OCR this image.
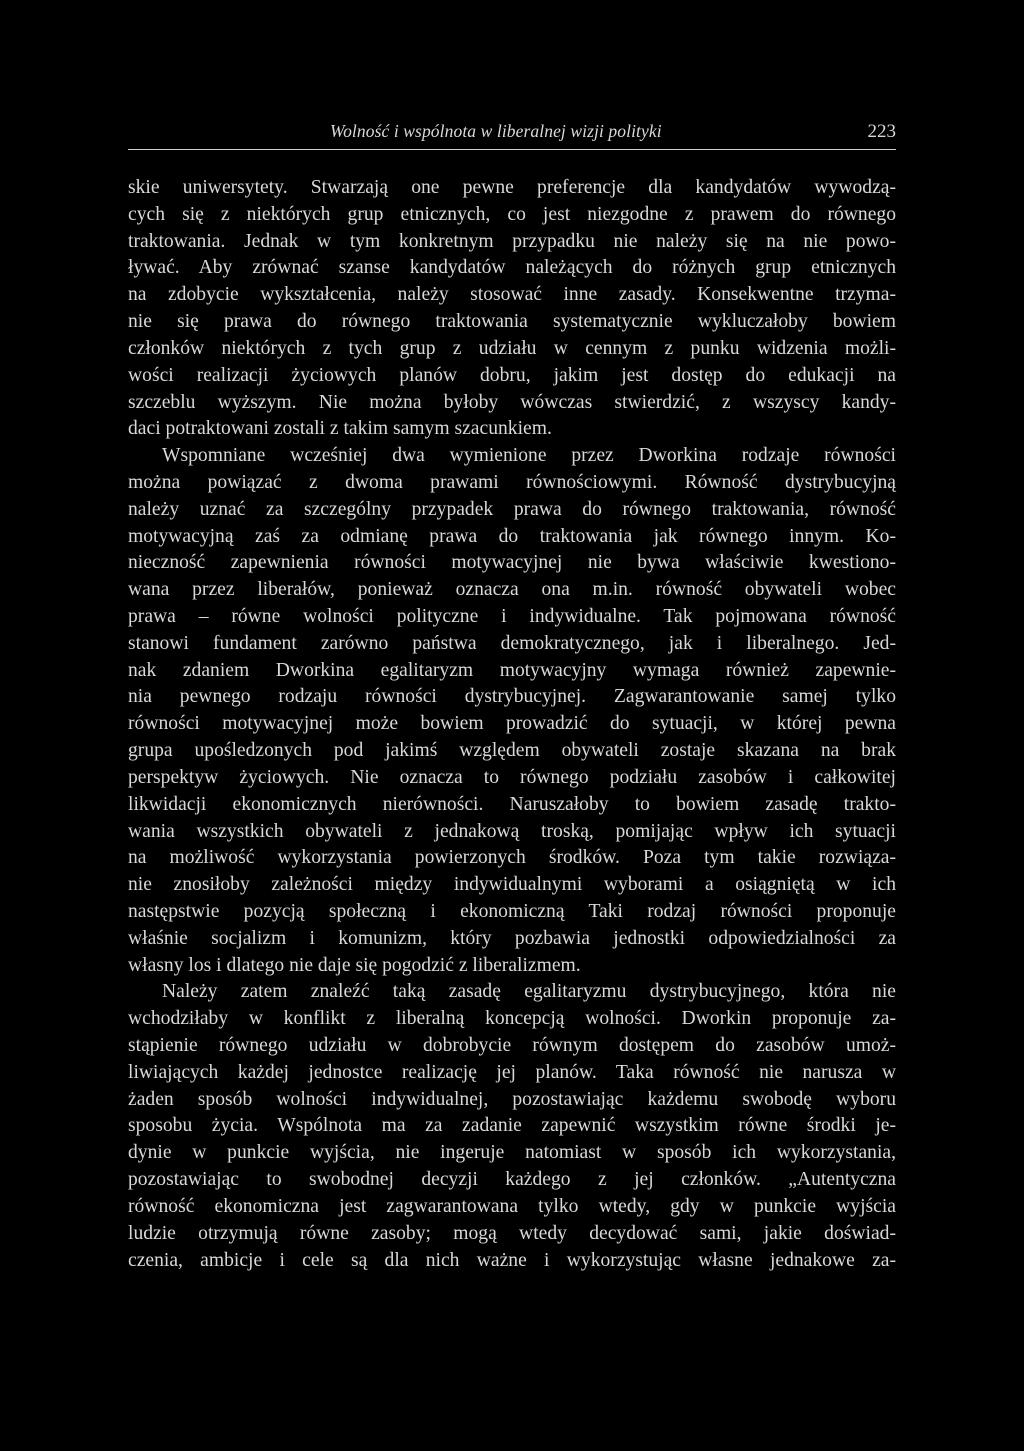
Wolność i wspólnota w liberalnej wizji polityki	223
skie uniwersytety. Stwarzają one pewne preferencje dla kandydatów wywodzą-
cych się z niektórych grup etnicznych, co jest niezgodne z prawem do równego
traktowania. Jednak w tym konkretnym przypadku nie należy się na nie powo-
ływać. Aby zrównać szanse kandydatów należących do różnych grup etnicznych
na zdobycie wykształcenia, należy stosować inne zasady. Konsekwentne trzyma-
nie się prawa do równego traktowania systematycznie wykluczałoby bowiem
członków niektórych z tych grup z udziału w cennym z punku widzenia możli-
wości realizacji życiowych planów dobru, jakim jest dostęp do edukacji na
szczeblu wyższym. Nie można byłoby wówczas stwierdzić, z wszyscy kandy-
daci potraktowani zostali z takim samym szacunkiem.
Wspomniane wcześniej dwa wymienione przez Dworkina rodzaje równości
można powiązać z dwoma prawami równościowymi. Równość dystrybucyjną
należy uznać za szczególny przypadek prawa do równego traktowania, równość
motywacyjną zaś za odmianę prawa do traktowania jak równego innym. Ko-
nieczność zapewnienia równości motywacyjnej nie bywa właściwie kwestiono-
wana przez liberałów, ponieważ oznacza ona m.in. równość obywateli wobec
prawa – równe wolności polityczne i indywidualne. Tak pojmowana równość
stanowi fundament zarówno państwa demokratycznego, jak i liberalnego. Jed-
nak zdaniem Dworkina egalitaryzm motywacyjny wymaga również zapewnie-
nia pewnego rodzaju równości dystrybucyjnej. Zagwarantowanie samej tylko
równości motywacyjnej może bowiem prowadzić do sytuacji, w której pewna
grupa upośledzonych pod jakimś względem obywateli zostaje skazana na brak
perspektyw życiowych. Nie oznacza to równego podziału zasobów i całkowitej
likwidacji ekonomicznych nierówności. Naruszałoby to bowiem zasadę trakto-
wania wszystkich obywateli z jednakową troską, pomijając wpływ ich sytuacji
na możliwość wykorzystania powierzonych środków. Poza tym takie rozwiąza-
nie znosiłoby zależności między indywidualnymi wyborami a osiągniętą w ich
następstwie pozycją społeczną i ekonomiczną Taki rodzaj równości proponuje
właśnie socjalizm i komunizm, który pozbawia jednostki odpowiedzialności za
własny los i dlatego nie daje się pogodzić z liberalizmem.
Należy zatem znaleźć taką zasadę egalitaryzmu dystrybucyjnego, która nie
wchodziłaby w konflikt z liberalną koncepcją wolności. Dworkin proponuje za-
stąpienie równego udziału w dobrobycie równym dostępem do zasobów umoż-
liwiających każdej jednostce realizację jej planów. Taka równość nie narusza w
żaden sposób wolności indywidualnej, pozostawiając każdemu swobodę wyboru
sposobu życia. Wspólnota ma za zadanie zapewnić wszystkim równe środki je-
dynie w punkcie wyjścia, nie ingeruje natomiast w sposób ich wykorzystania,
pozostawiając to swobodnej decyzji każdego z jej członków. „Autentyczna
równość ekonomiczna jest zagwarantowana tylko wtedy, gdy w punkcie wyjścia
ludzie otrzymują równe zasoby; mogą wtedy decydować sami, jakie doświad-
czenia, ambicje i cele są dla nich ważne i wykorzystując własne jednakowe za-
